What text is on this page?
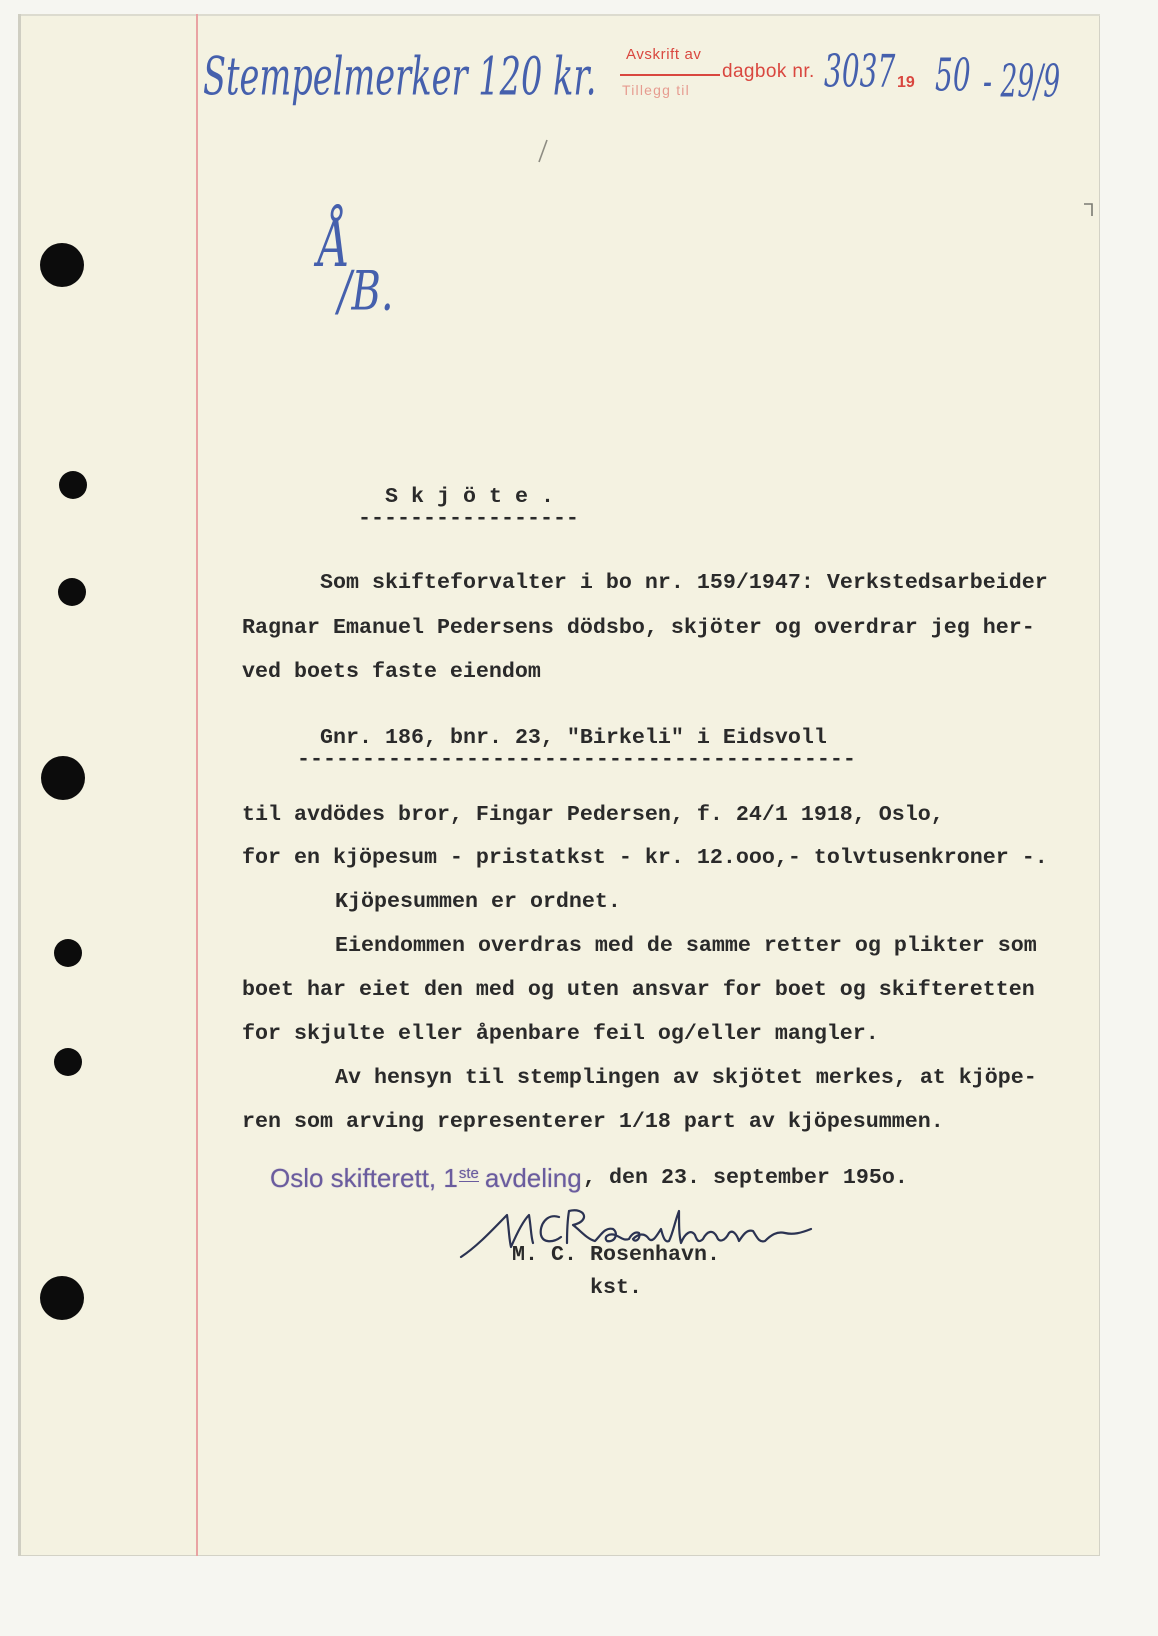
Stempelmerker 120 kr. Avskrift av
Tillegg til
dagbok nr. 3037 19 50 - 29/9
Å
/B.
S k j ö t e .
-----------------
Som skifteforvalter i bo nr. 159/1947: Verkstedsarbeider
Ragnar Emanuel Pedersens dödsbo, skjöter og overdrar jeg her-
ved boets faste eiendom
Gnr. 186, bnr. 23, "Birkeli" i Eidsvoll
-------------------------------------------
til avdödes bror, Fingar Pedersen, f. 24/1 1918, Oslo,
for en kjöpesum - pristatkst - kr. 12.ooo,- tolvtusenkroner -.
Kjöpesummen er ordnet.
Eiendommen overdras med de samme retter og plikter som
boet har eiet den med og uten ansvar for boet og skifteretten
for skjulte eller åpenbare feil og/eller mangler.
Av hensyn til stemplingen av skjötet merkes, at kjöpe-
ren som arving representerer 1/18 part av kjöpesummen.
Oslo skifterett, 1ste avdeling , den 23. september 195o.
M. C. Rosenhavn.
kst.
